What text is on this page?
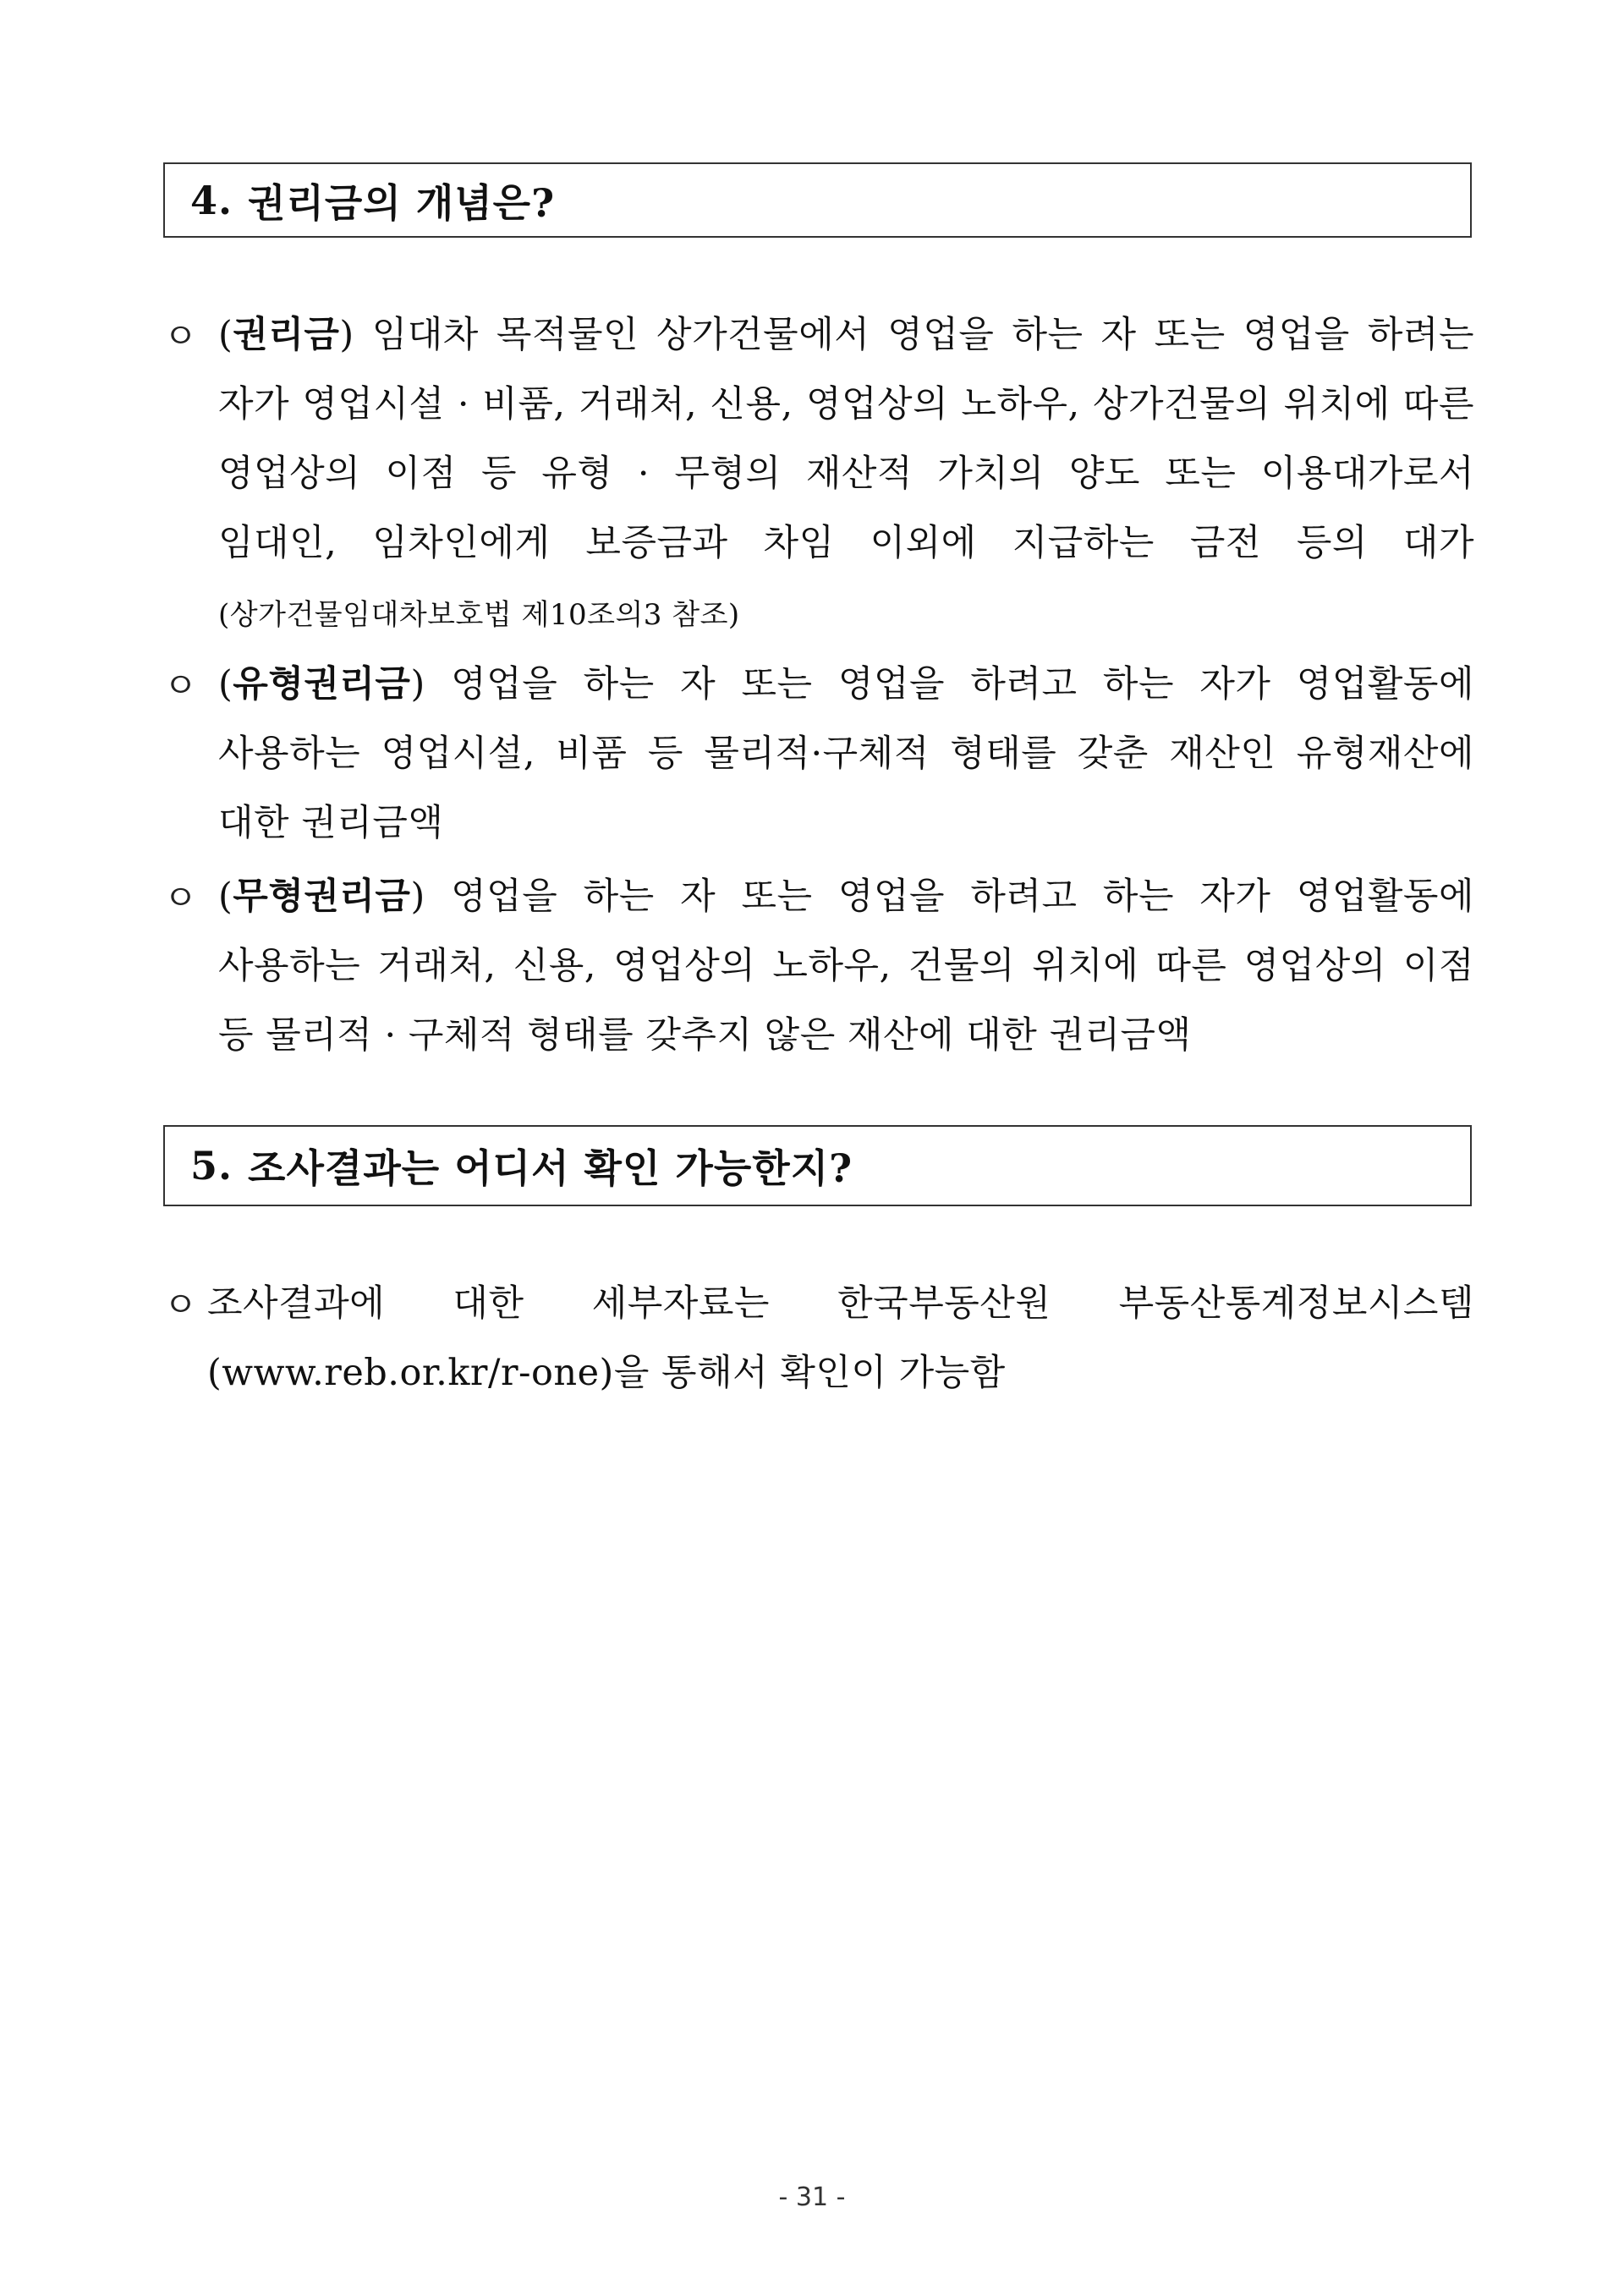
4. 권리금의 개념은?
ㅇ (권리금) 임대차 목적물인 상가건물에서 영업을 하는 자 또는 영업을 하려는 자가 영업시설 · 비품, 거래처, 신용, 영업상의 노하우, 상가건물의 위치에 따른 영업상의 이점 등 유형 · 무형의 재산적 가치의 양도 또는 이용대가로서 임대인, 임차인에게 보증금과 차임 이외에 지급하는 금전 등의 대가(상가건물임대차보호법 제10조의3 참조)
ㅇ (유형권리금) 영업을 하는 자 또는 영업을 하려고 하는 자가 영업활동에 사용하는 영업시설, 비품 등 물리적·구체적 형태를 갖춘 재산인 유형재산에 대한 권리금액
ㅇ (무형권리금) 영업을 하는 자 또는 영업을 하려고 하는 자가 영업활동에 사용하는 거래처, 신용, 영업상의 노하우, 건물의 위치에 따른 영업상의 이점 등 물리적 · 구체적 형태를 갖추지 않은 재산에 대한 권리금액
5. 조사결과는 어디서 확인 가능한지?
ㅇ 조사결과에 대한 세부자료는 한국부동산원 부동산통계정보시스템 (www.reb.or.kr/r-one)을 통해서 확인이 가능함
- 31 -
